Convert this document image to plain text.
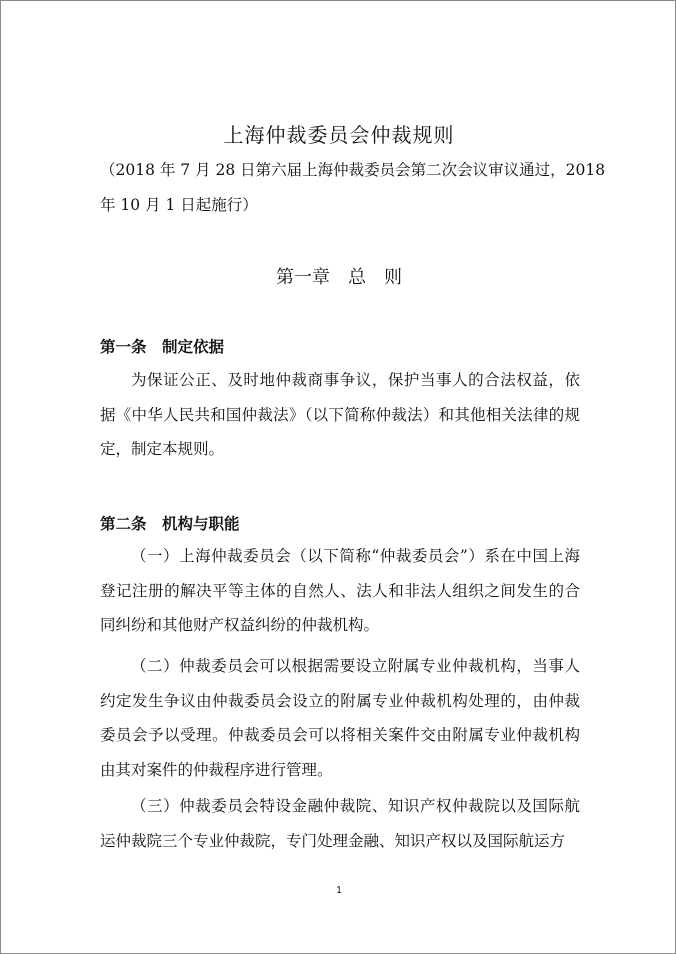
上海仲裁委员会仲裁规则
（2018 年 7 月 28 日第六届上海仲裁委员会第二次会议审议通过，2018
年 10 月 1 日起施行）
第一章　总　则
第一条　制定依据
为保证公正、及时地仲裁商事争议，保护当事人的合法权益，依据《中华人民共和国仲裁法》（以下简称仲裁法）和其他相关法律的规定，制定本规则。
第二条　机构与职能
（一）上海仲裁委员会（以下简称“仲裁委员会”）系在中国上海登记注册的解决平等主体的自然人、法人和非法人组织之间发生的合同纠纷和其他财产权益纠纷的仲裁机构。
（二）仲裁委员会可以根据需要设立附属专业仲裁机构，当事人约定发生争议由仲裁委员会设立的附属专业仲裁机构处理的，由仲裁委员会予以受理。仲裁委员会可以将相关案件交由附属专业仲裁机构由其对案件的仲裁程序进行管理。
（三）仲裁委员会特设金融仲裁院、知识产权仲裁院以及国际航运仲裁院三个专业仲裁院，专门处理金融、知识产权以及国际航运方
1
